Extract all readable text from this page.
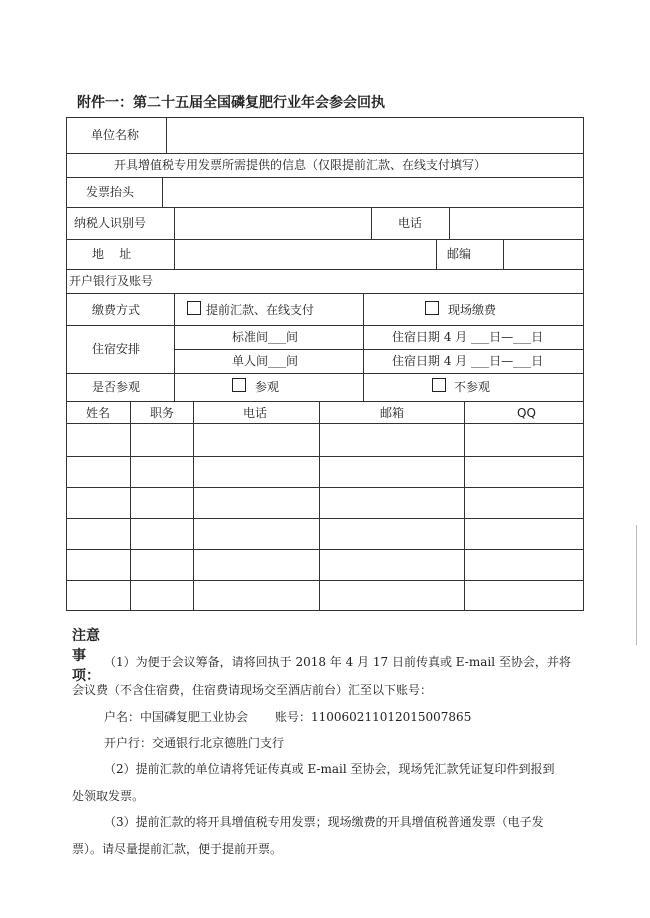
附件一：第二十五届全国磷复肥行业年会参会回执
单位名称
开具增值税专用发票所需提供的信息（仅限提前汇款、在线支付填写）
发票抬头
纳税人识别号	电话
地    址	邮编
开户银行及账号
缴费方式	提前汇款、在线支付	现场缴费
住宿安排
标准间___间	住宿日期 4 月 ___日—___日
单人间___间	住宿日期 4 月 ___日—___日
是否参观	参观	不参观
姓名	职务	电话	邮箱	QQ
注意事项：
（1）为便于会议筹备，请将回执于 2018 年 4 月 17 日前传真或 E-mail 至协会，并将
会议费（不含住宿费，住宿费请现场交至酒店前台）汇至以下账号：
户名：中国磷复肥工业协会 账号：11006021101201500786​5
开户行：交通银行北京德胜门支行
（2）提前汇款的单位请将凭证传真或 E-mail 至协会，现场凭汇款凭证复印件到报到
处领取发票。
（3）提前汇款的将开具增值税专用发票；现场缴费的开具增值税普通发票（电子发
票）。请尽量提前汇款，便于提前开票。
